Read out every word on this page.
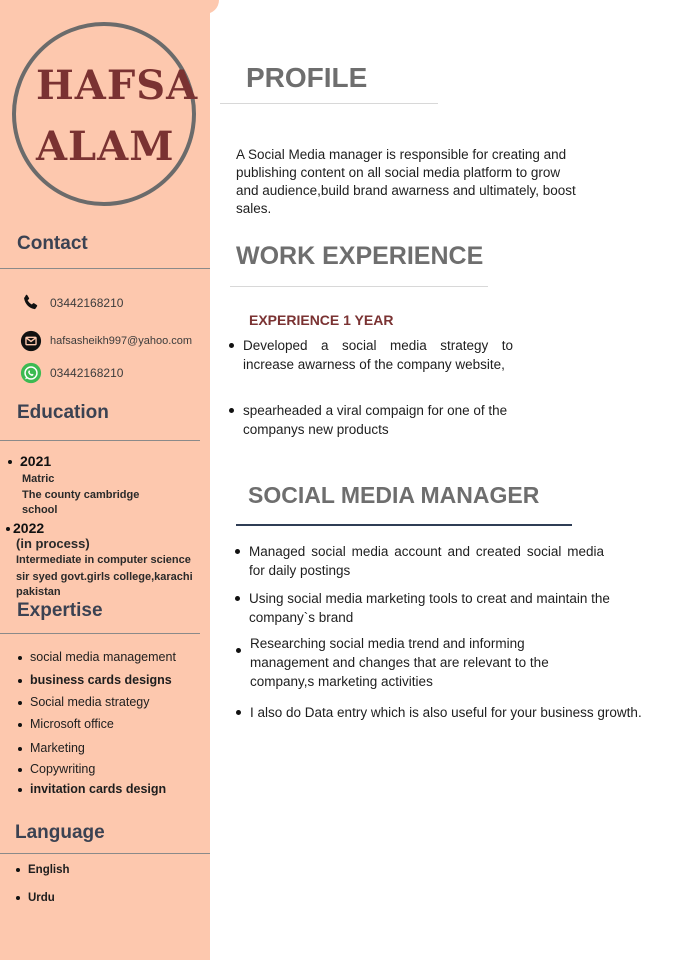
HAFSA
ALAM
Contact
03442168210
hafsasheikh997@yahoo.com
03442168210
Education
2021
Matric
The county cambridge
school
2022
(in process)
Intermediate in computer science
sir syed govt.girls college,karachi
pakistan
Expertise
social media management
business cards designs
Social media strategy
Microsoft office
Marketing
Copywriting
invitation cards design
Language
English
Urdu
PROFILE
A Social Media manager is responsible for creating and publishing content on all social media platform to grow and audience,build brand awarness and ultimately, boost sales.
WORK EXPERIENCE
EXPERIENCE 1 YEAR
Developed a social media strategy to increase awarness of the company website,
spearheaded a viral compaign for one of the companys new products
SOCIAL MEDIA MANAGER
Managed social media account and created social media for daily postings
Using social media marketing tools to creat and maintain the company`s brand
Researching social media trend and informing management and changes that are relevant to the company,s marketing activities
I also do Data entry which is also useful for your business growth.
